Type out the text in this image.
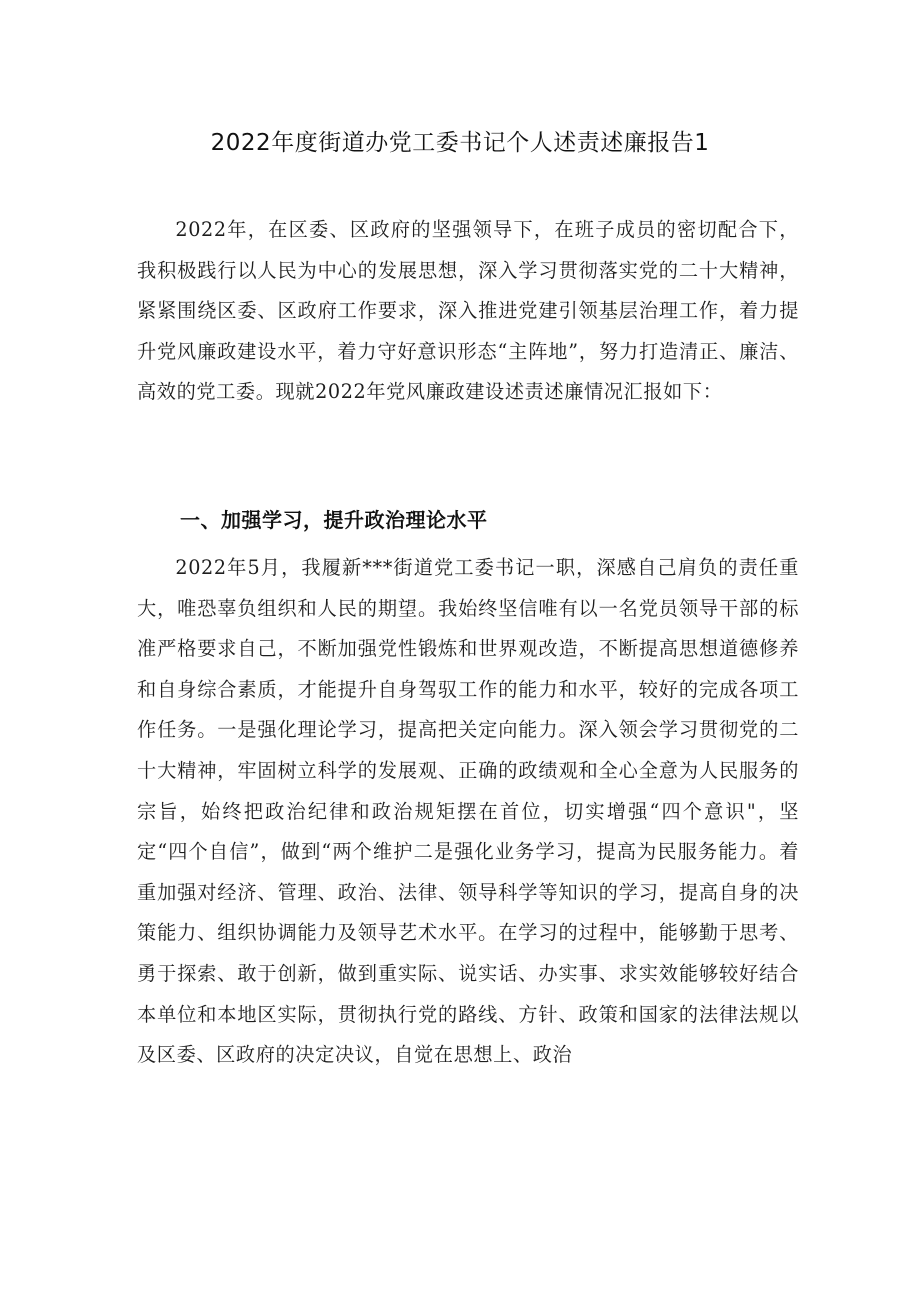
2022年度街道办党工委书记个人述责述廉报告1

2022年，在区委、区政府的坚强领导下，在班子成员的密切配合下，我积极践行以人民为中心的发展思想，深入学习贯彻落实党的二十大精神，紧紧围绕区委、区政府工作要求，深入推进党建引领基层治理工作，着力提升党风廉政建设水平，着力守好意识形态“主阵地”，努力打造清正、廉洁、高效的党工委。现就2022年党风廉政建设述责述廉情况汇报如下：

一、加强学习，提升政治理论水平

2022年5月，我履新***街道党工委书记一职，深感自己肩负的责任重大，唯恐辜负组织和人民的期望。我始终坚信唯有以一名党员领导干部的标准严格要求自己，不断加强党性锻炼和世界观改造，不断提高思想道德修养和自身综合素质，才能提升自身驾驭工作的能力和水平，较好的完成各项工作任务。一是强化理论学习，提高把关定向能力。深入领会学习贯彻党的二十大精神，牢固树立科学的发展观、正确的政绩观和全心全意为人民服务的宗旨，始终把政治纪律和政治规矩摆在首位，切实增强“四个意识"，坚定“四个自信”，做到“两个维护二是强化业务学习，提高为民服务能力。着重加强对经济、管理、政治、法律、领导科学等知识的学习，提高自身的决策能力、组织协调能力及领导艺术水平。在学习的过程中，能够勤于思考、勇于探索、敢于创新，做到重实际、说实话、办实事、求实效能够较好结合本单位和本地区实际，贯彻执行党的路线、方针、政策和国家的法律法规以及区委、区政府的决定决议，自觉在思想上、政治
